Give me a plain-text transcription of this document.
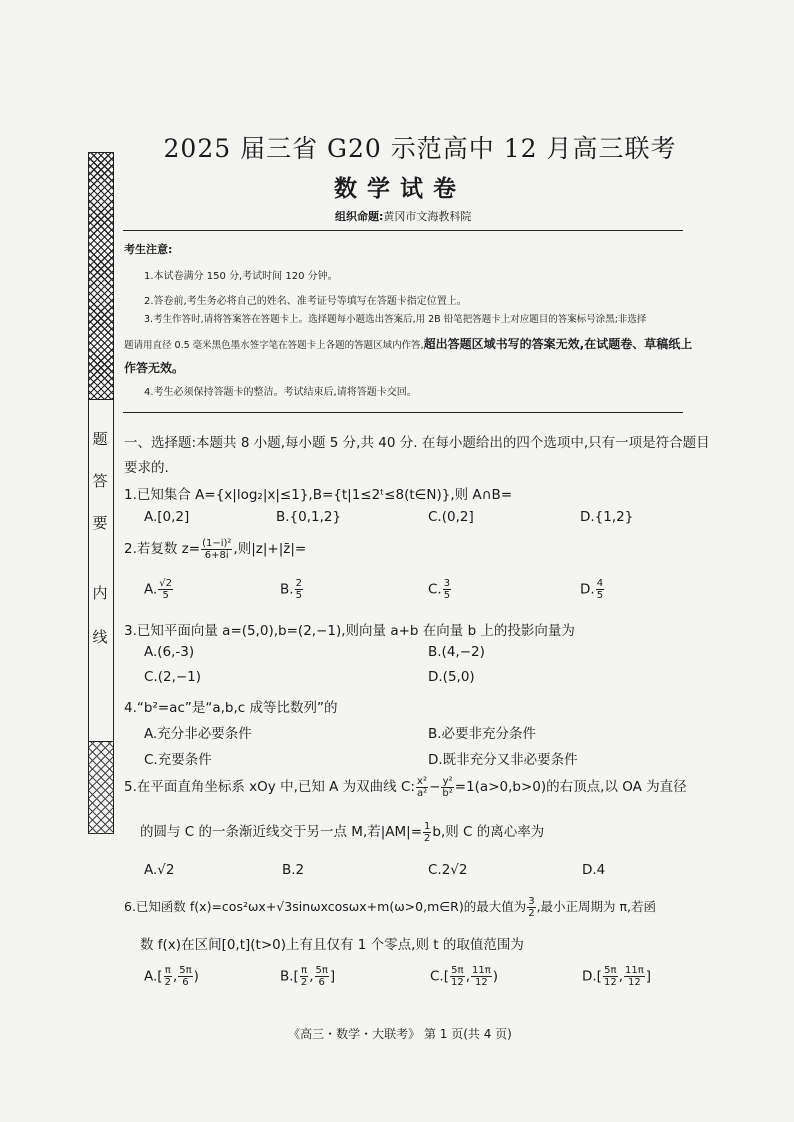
题
答
要
内
线
2025 届三省 G20 示范高中 12 月高三联考
数学试卷
组织命题:黄冈市文海教科院
考生注意:
1.本试卷满分 150 分,考试时间 120 分钟。
2.答卷前,考生务必将自己的姓名、准考证号等填写在答题卡指定位置上。
3.考生作答时,请将答案答在答题卡上。选择题每小题选出答案后,用 2B 铅笔把答题卡上对应题目的答案标号涂黑;非选择
题请用直径 0.5 毫米黑色墨水签字笔在答题卡上各题的答题区域内作答,超出答题区域书写的答案无效,在试题卷、草稿纸上
作答无效。
4.考生必须保持答题卡的整洁。考试结束后,请将答题卡交回。
一、选择题:本题共 8 小题,每小题 5 分,共 40 分. 在每小题给出的四个选项中,只有一项是符合题目
要求的.
1.已知集合 A={x|log₂|x|≤1},B={t|1≤2ᵗ≤8(t∈N)},则 A∩B=
A.[0,2]	B.{0,1,2}	C.(0,2]	D.{1,2}
2.若复数 $z= \frac{\text{(1−i)²}}{6+8i}$ ,则|z|+|z̄|=
A. $\frac{√2}{5}$	B. $\frac{2}{5}$	C. $\frac{3}{5}$	D. $\frac{4}{5}$
3.已知平面向量 a=(5,0),b=(2,−1),则向量 a+b 在向量 b 上的投影向量为
A.(6,-3)	B.(4,−2)
C.(2,−1)	D.(5,0)
4.“b²=ac”是“a,b,c 成等比数列”的
A.充分非必要条件	B.必要非充分条件
C.充要条件	D.既非充分又非必要条件
5.在平面直角坐标系 xOy 中,已知 A 为双曲线 C: $\frac{\text{x²}}{\text{a²}} - \frac{\text{y²}}{\text{b²}} =1(a>0,b>0)$的右顶点,以 OA 为直径
的圆与 C 的一条渐近线交于另一点 M,若$|AM|= \frac{1}{2} b$,则 C 的离心率为
A.√2	B.2	C.2√2	D.4
6.已知函数 f(x)=cos²ωx+√3sinωxcosωx+m(ω>0,m∈R)的最大值为 $\frac{3}{2}$ ,最小正周期为 π,若函
数 f(x)在区间[0,t](t>0)上有且仅有 1 个零点,则 t 的取值范围为
$A.[ \frac{\pi}{2}$ , $\frac{5\pi}{6}$ )	$B.[ \frac{\pi}{2}$ , $\frac{5\pi}{6}$ ]	$C.[ \frac{5\pi}{12}$ , $\frac{11\pi}{12}$ )	$D.[ \frac{5\pi}{12}$ , $\frac{11\pi}{12}$ ]
《高三・数学・大联考》 第 1 页(共 4 页)
